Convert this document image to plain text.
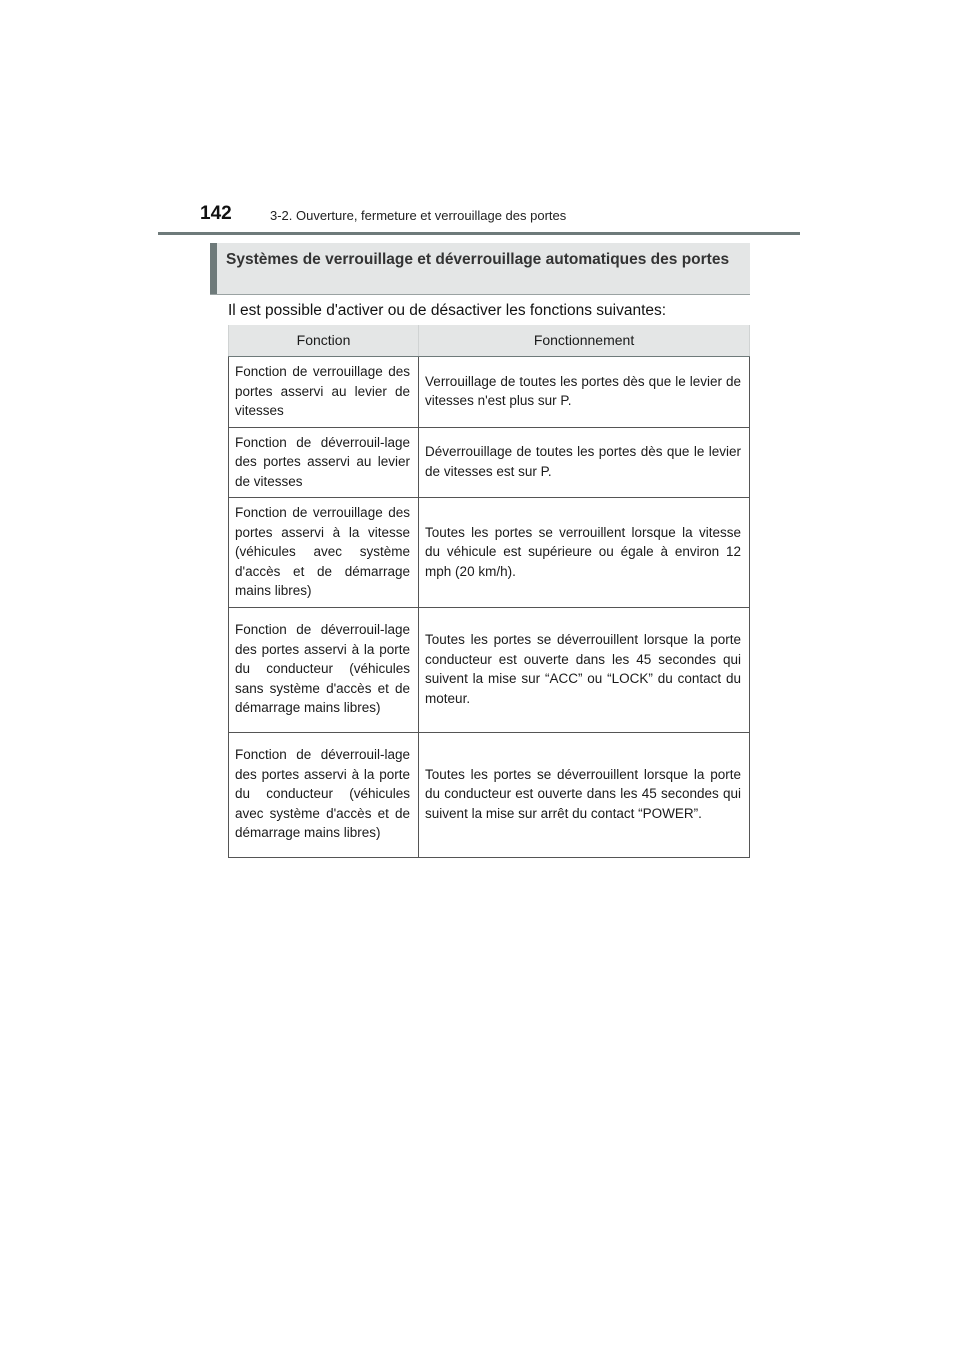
142	3-2. Ouverture, fermeture et verrouillage des portes
Systèmes de verrouillage et déverrouillage automatiques des portes
Il est possible d'activer ou de désactiver les fonctions suivantes:
Fonction	Fonctionnement
Fonction de verrouillage des portes asservi au levier de vitesses	Verrouillage de toutes les portes dès que le levier de vitesses n'est plus sur P.
Fonction de déverrouil-lage des portes asservi au levier de vitesses	Déverrouillage de toutes les portes dès que le levier de vitesses est sur P.
Fonction de verrouillage des portes asservi à la vitesse (véhicules avec système d'accès et de démarrage mains libres)	Toutes les portes se verrouillent lorsque la vitesse du véhicule est supérieure ou égale à environ 12 mph (20 km/h).
Fonction de déverrouil-lage des portes asservi à la porte du conducteur (véhicules sans système d'accès et de démarrage mains libres)	Toutes les portes se déverrouillent lorsque la porte conducteur est ouverte dans les 45 secondes qui suivent la mise sur “ACC” ou “LOCK” du contact du moteur.
Fonction de déverrouil-lage des portes asservi à la porte du conducteur (véhicules avec système d'accès et de démarrage mains libres)	Toutes les portes se déverrouillent lorsque la porte du conducteur est ouverte dans les 45 secondes qui suivent la mise sur arrêt du contact “POWER”.
